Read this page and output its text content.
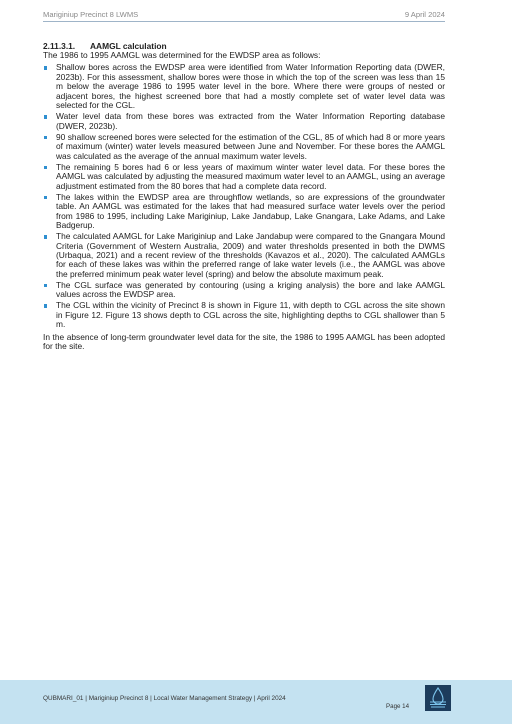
Mariginiup Precinct 8 LWMS	9 April 2024
2.11.3.1. AAMGL calculation

The 1986 to 1995 AAMGL was determined for the EWDSP area as follows:

Shallow bores across the EWDSP area were identified from Water Information Reporting data (DWER, 2023b). For this assessment, shallow bores were those in which the top of the screen was less than 15 m below the average 1986 to 1995 water level in the bore. Where there were groups of nested or adjacent bores, the highest screened bore that had a mostly complete set of water level data was selected for the CGL.
Water level data from these bores was extracted from the Water Information Reporting database (DWER, 2023b).
90 shallow screened bores were selected for the estimation of the CGL, 85 of which had 8 or more years of maximum (winter) water levels measured between June and November. For these bores the AAMGL was calculated as the average of the annual maximum water levels.
The remaining 5 bores had 6 or less years of maximum winter water level data. For these bores the AAMGL was calculated by adjusting the measured maximum water level to an AAMGL, using an average adjustment estimated from the 80 bores that had a complete data record.
The lakes within the EWDSP area are throughflow wetlands, so are expressions of the groundwater table. An AAMGL was estimated for the lakes that had measured surface water levels over the period from 1986 to 1995, including Lake Mariginiup, Lake Jandabup, Lake Gnangara, Lake Adams, and Lake Badgerup.
The calculated AAMGL for Lake Mariginiup and Lake Jandabup were compared to the Gnangara Mound Criteria (Government of Western Australia, 2009) and water thresholds presented in both the DWMS (Urbaqua, 2021) and a recent review of the thresholds (Kavazos et al., 2020). The calculated AAMGLs for each of these lakes was within the preferred range of lake water levels (i.e., the AAMGL was above the preferred minimum peak water level (spring) and below the absolute maximum peak.
The CGL surface was generated by contouring (using a kriging analysis) the bore and lake AAMGL values across the EWDSP area.
The CGL within the vicinity of Precinct 8 is shown in Figure 11, with depth to CGL across the site shown in Figure 12. Figure 13 shows depth to CGL across the site, highlighting depths to CGL shallower than 5 m.

In the absence of long-term groundwater level data for the site, the 1986 to 1995 AAMGL has been adopted for the site.

QUBMARI_01 | Mariginiup Precinct 8 | Local Water Management Strategy | April 2024
Page 14
